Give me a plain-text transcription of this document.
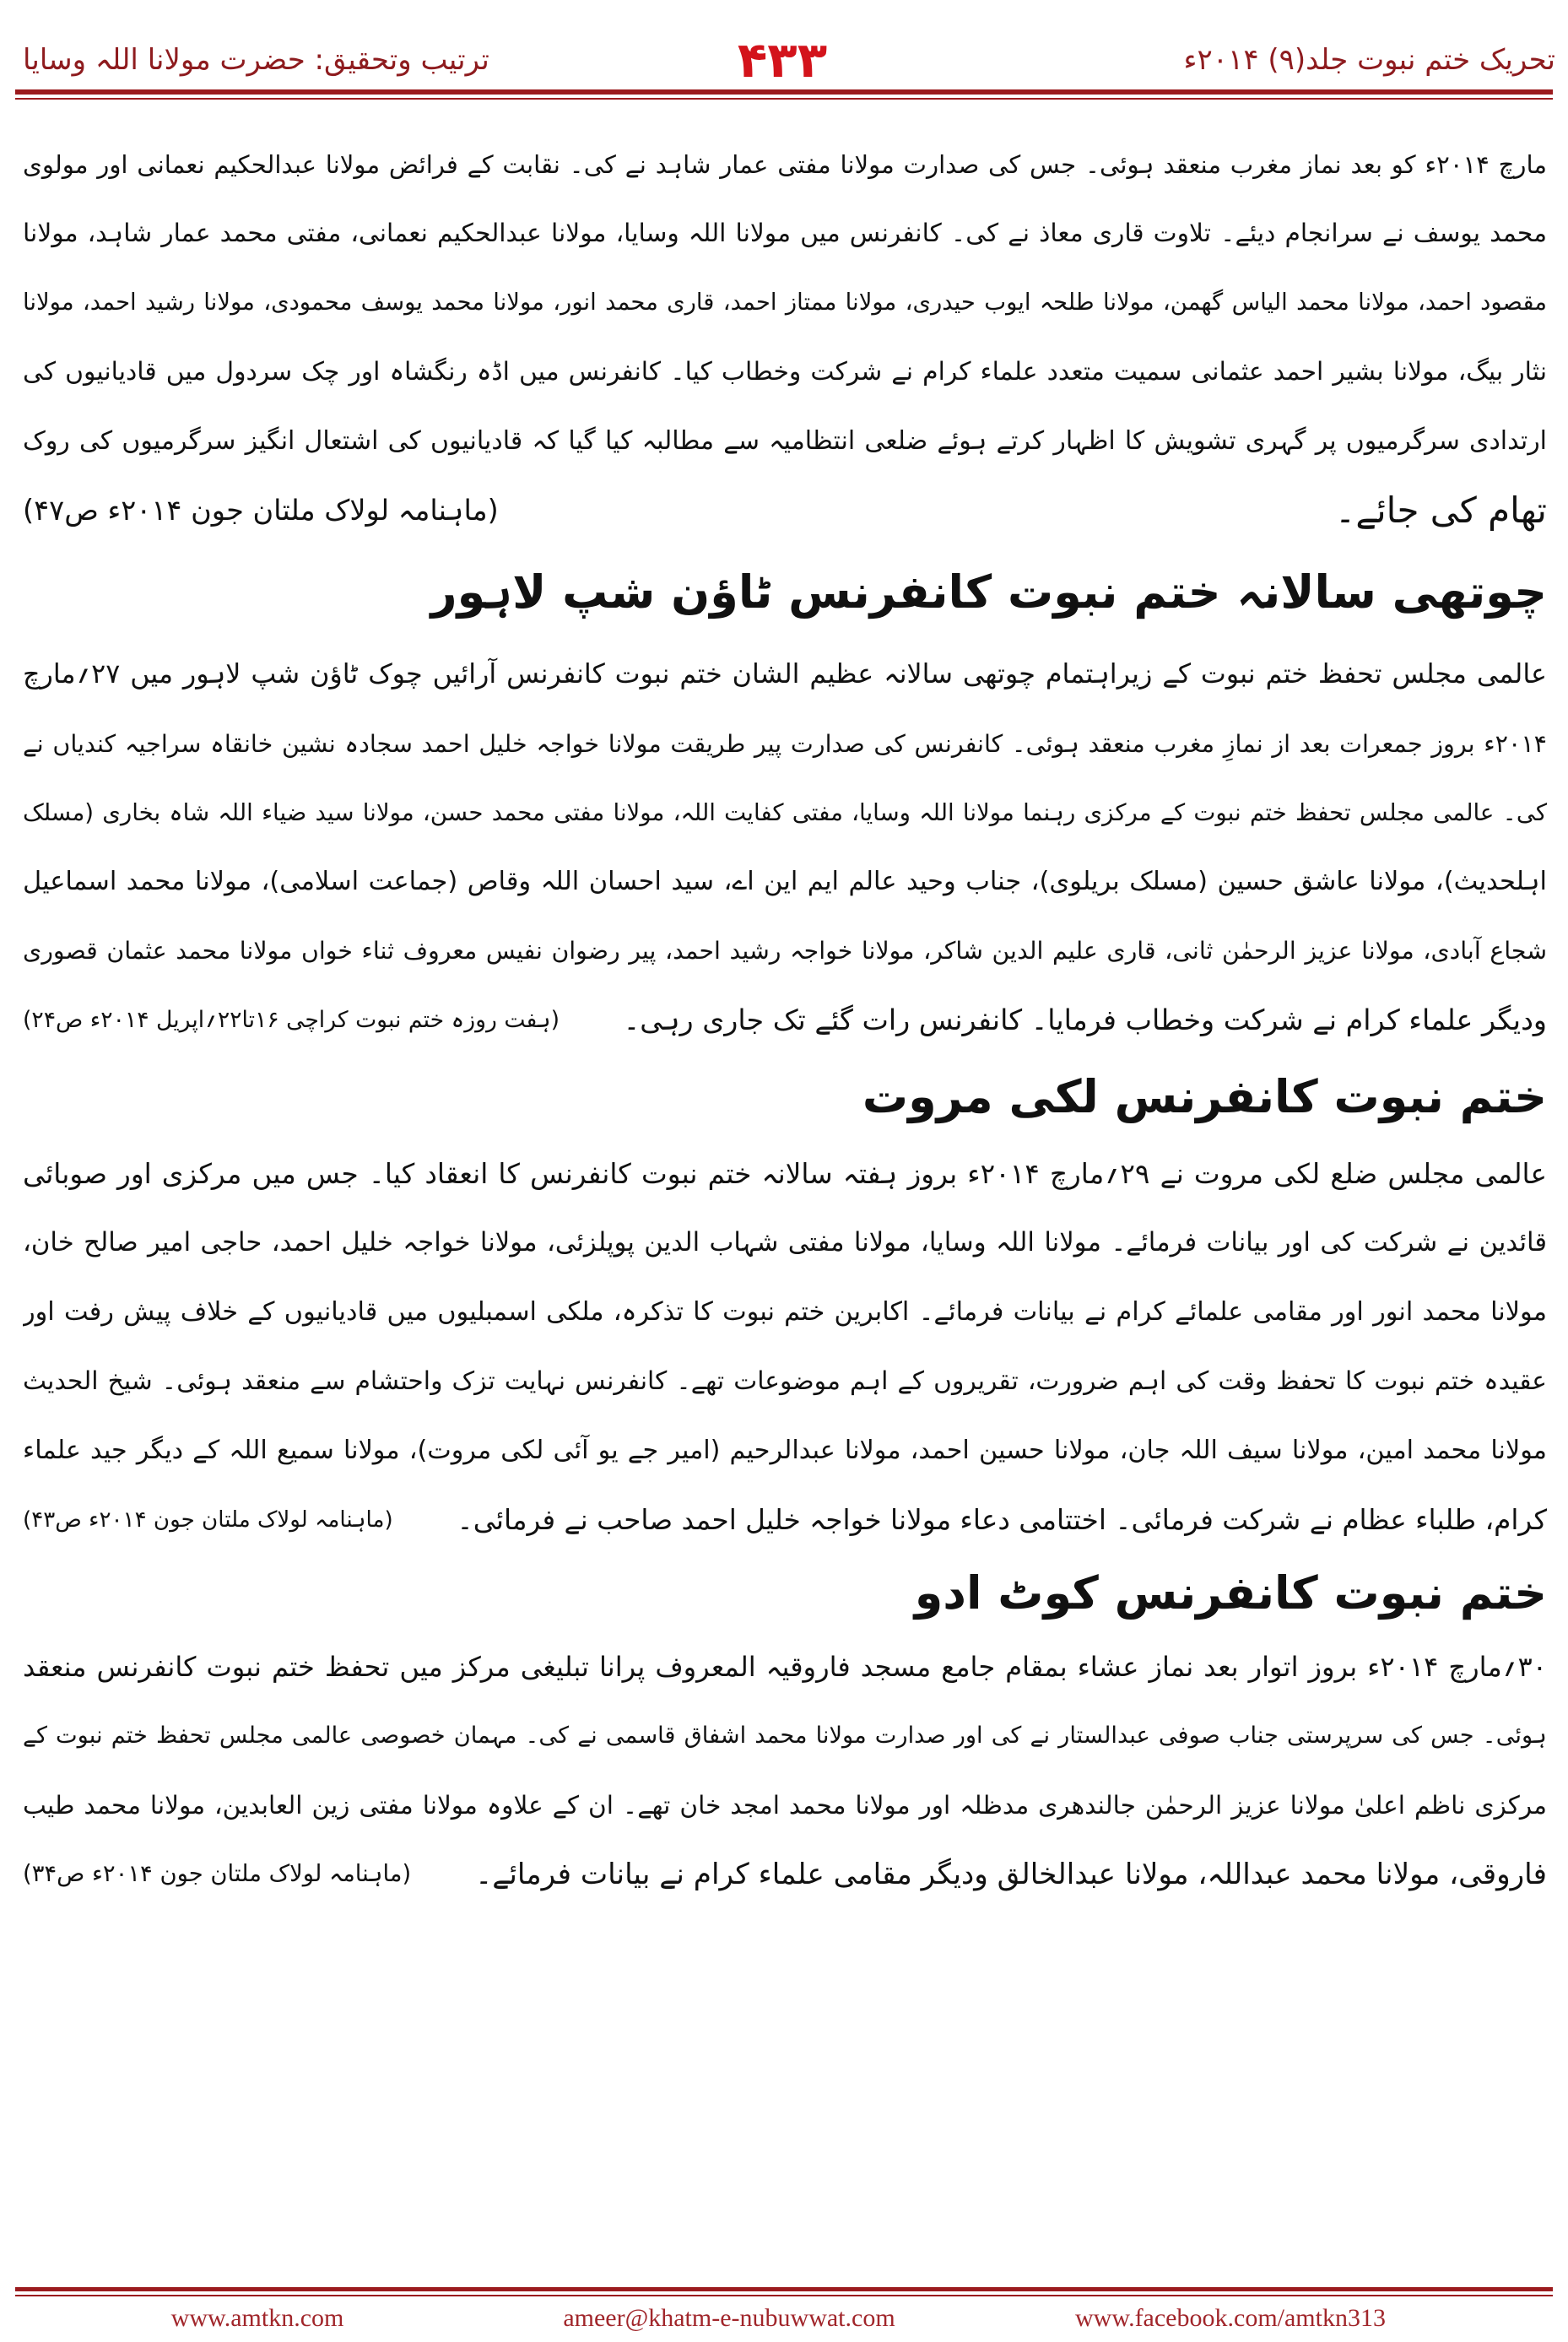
تحریک ختم نبوت جلد(۹) ۲۰۱۴ء
۴۳۳
ترتیب وتحقیق: حضرت مولانا اللہ وسایا
مارچ ۲۰۱۴ء کو بعد نماز مغرب منعقد ہوئی۔ جس کی صدارت مولانا مفتی عمار شاہد نے کی۔ نقابت کے فرائض مولانا عبدالحکیم نعمانی اور مولوی
محمد یوسف نے سرانجام دیئے۔ تلاوت قاری معاذ نے کی۔ کانفرنس میں مولانا اللہ وسایا، مولانا عبدالحکیم نعمانی، مفتی محمد عمار شاہد، مولانا
مقصود احمد، مولانا محمد الیاس گھمن، مولانا طلحہ ایوب حیدری، مولانا ممتاز احمد، قاری محمد انور، مولانا محمد یوسف محمودی، مولانا رشید احمد، مولانا
نثار بیگ، مولانا بشیر احمد عثمانی سمیت متعدد علماء کرام نے شرکت وخطاب کیا۔ کانفرنس میں اڈہ رنگشاہ اور چک سردول میں قادیانیوں کی
ارتدادی سرگرمیوں پر گہری تشویش کا اظہار کرتے ہوئے ضلعی انتظامیہ سے مطالبہ کیا گیا کہ قادیانیوں کی اشتعال انگیز سرگرمیوں کی روک
تھام کی جائے۔
(ماہنامہ لولاک ملتان جون ۲۰۱۴ء ص۴۷)
چوتھی سالانہ ختم نبوت کانفرنس ٹاؤن شپ لاہور
عالمی مجلس تحفظ ختم نبوت کے زیراہتمام چوتھی سالانہ عظیم الشان ختم نبوت کانفرنس آرائیں چوک ٹاؤن شپ لاہور میں ۲۷؍مارچ
۲۰۱۴ء بروز جمعرات بعد از نمازِ مغرب منعقد ہوئی۔ کانفرنس کی صدارت پیر طریقت مولانا خواجہ خلیل احمد سجادہ نشین خانقاہ سراجیہ کندیاں نے
کی۔ عالمی مجلس تحفظ ختم نبوت کے مرکزی رہنما مولانا اللہ وسایا، مفتی کفایت اللہ، مولانا مفتی محمد حسن، مولانا سید ضیاء اللہ شاہ بخاری (مسلک
اہلحدیث)، مولانا عاشق حسین (مسلک بریلوی)، جناب وحید عالم ایم این اے، سید احسان اللہ وقاص (جماعت اسلامی)، مولانا محمد اسماعیل
شجاع آبادی، مولانا عزیز الرحمٰن ثانی، قاری علیم الدین شاکر، مولانا خواجہ رشید احمد، پیر رضوان نفیس معروف ثناء خواں مولانا محمد عثمان قصوری
ودیگر علماء کرام نے شرکت وخطاب فرمایا۔ کانفرنس رات گئے تک جاری رہی۔
(ہفت روزہ ختم نبوت کراچی ۱۶تا۲۲؍اپریل ۲۰۱۴ء ص۲۴)
ختم نبوت کانفرنس لکی مروت
عالمی مجلس ضلع لکی مروت نے ۲۹؍مارچ ۲۰۱۴ء بروز ہفتہ سالانہ ختم نبوت کانفرنس کا انعقاد کیا۔ جس میں مرکزی اور صوبائی
قائدین نے شرکت کی اور بیانات فرمائے۔ مولانا اللہ وسایا، مولانا مفتی شہاب الدین پوپلزئی، مولانا خواجہ خلیل احمد، حاجی امیر صالح خان،
مولانا محمد انور اور مقامی علمائے کرام نے بیانات فرمائے۔ اکابرین ختم نبوت کا تذکرہ، ملکی اسمبلیوں میں قادیانیوں کے خلاف پیش رفت اور
عقیدہ ختم نبوت کا تحفظ وقت کی اہم ضرورت، تقریروں کے اہم موضوعات تھے۔ کانفرنس نہایت تزک واحتشام سے منعقد ہوئی۔ شیخ الحدیث
مولانا محمد امین، مولانا سیف اللہ جان، مولانا حسین احمد، مولانا عبدالرحیم (امیر جے یو آئی لکی مروت)، مولانا سمیع اللہ کے دیگر جید علماء
کرام، طلباء عظام نے شرکت فرمائی۔ اختتامی دعاء مولانا خواجہ خلیل احمد صاحب نے فرمائی۔
(ماہنامہ لولاک ملتان جون ۲۰۱۴ء ص۴۳)
ختم نبوت کانفرنس کوٹ ادو
۳۰؍مارچ ۲۰۱۴ء بروز اتوار بعد نماز عشاء بمقام جامع مسجد فاروقیہ المعروف پرانا تبلیغی مرکز میں تحفظ ختم نبوت کانفرنس منعقد
ہوئی۔ جس کی سرپرستی جناب صوفی عبدالستار نے کی اور صدارت مولانا محمد اشفاق قاسمی نے کی۔ مہمان خصوصی عالمی مجلس تحفظ ختم نبوت کے
مرکزی ناظم اعلیٰ مولانا عزیز الرحمٰن جالندھری مدظلہ اور مولانا محمد امجد خان تھے۔ ان کے علاوہ مولانا مفتی زین العابدین، مولانا محمد طیب
فاروقی، مولانا محمد عبداللہ، مولانا عبدالخالق ودیگر مقامی علماء کرام نے بیانات فرمائے۔
(ماہنامہ لولاک ملتان جون ۲۰۱۴ء ص۳۴)
www.amtkn.com	ameer@khatm-e-nubuwwat.com	www.facebook.com/amtkn313
